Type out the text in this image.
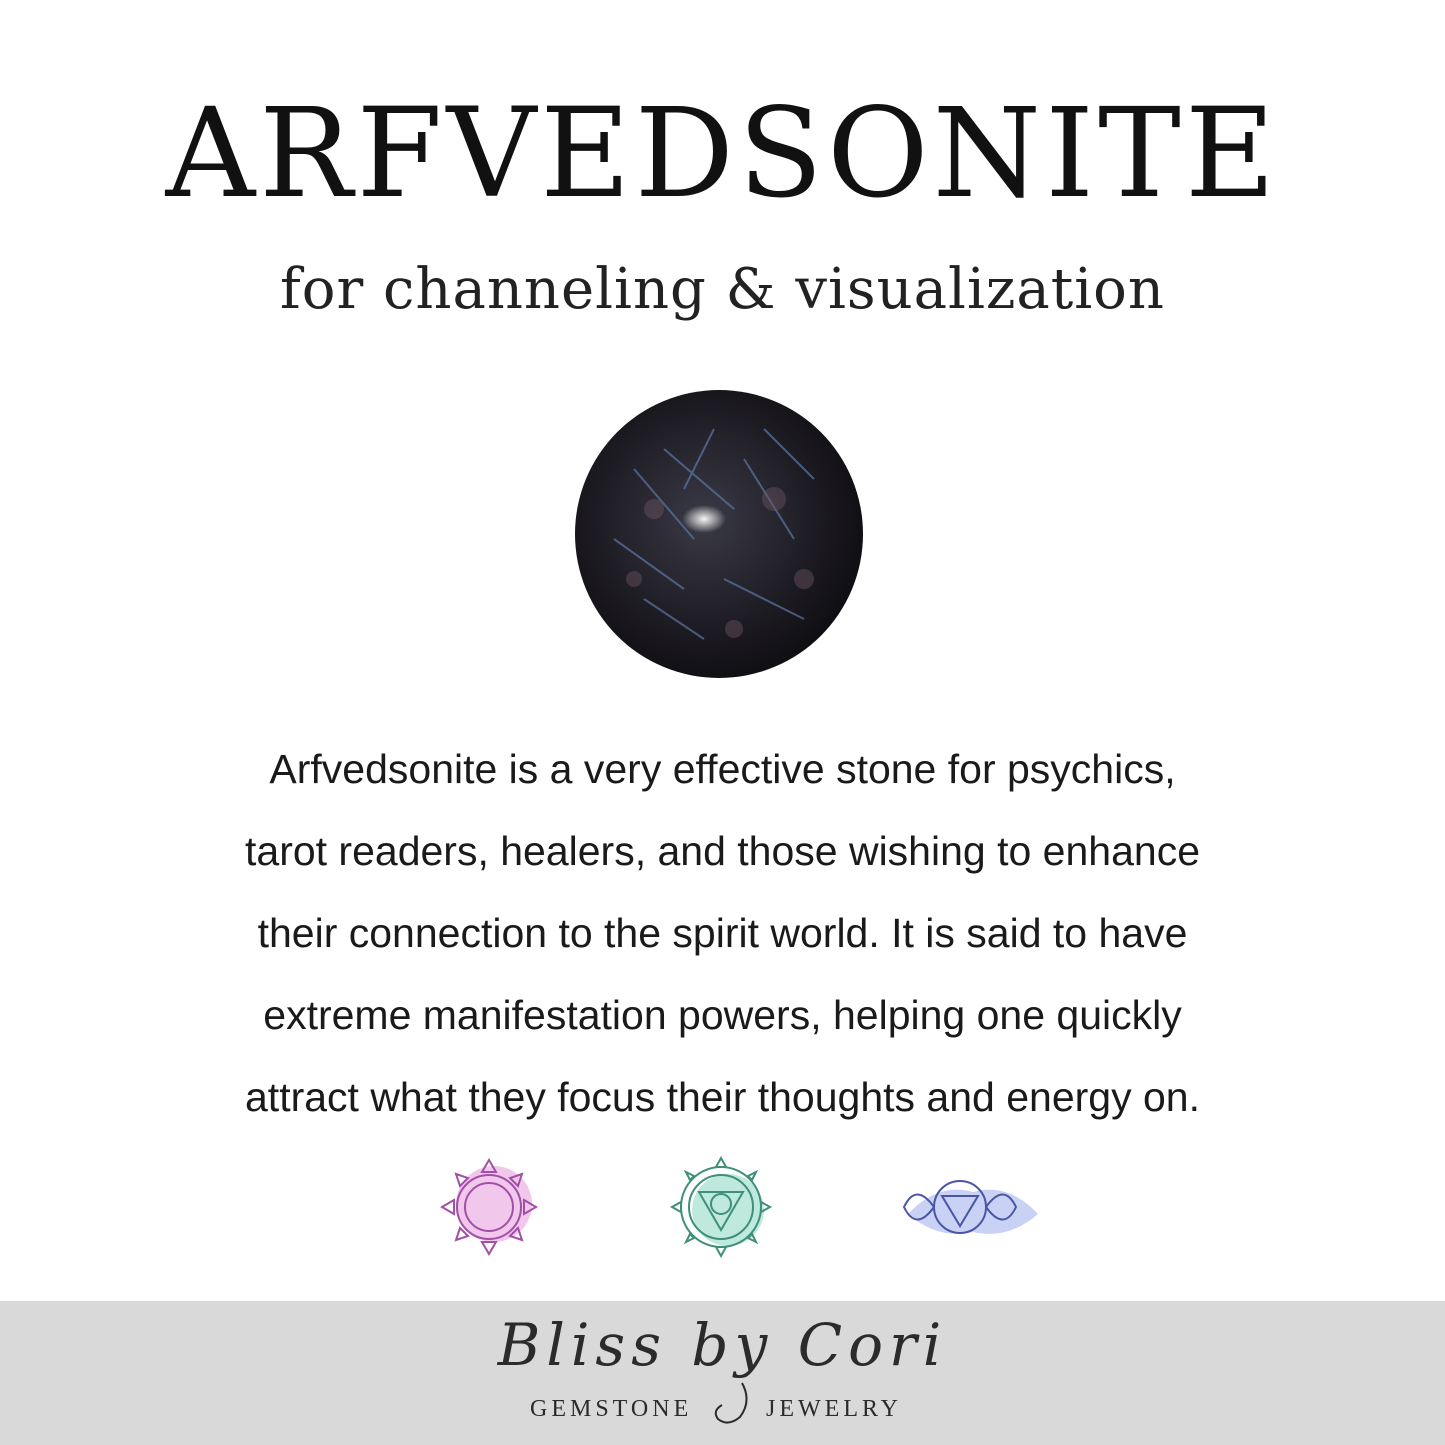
ARFVEDSONITE
for channeling & visualization
Arfvedsonite is a very effective stone for psychics,
tarot readers, healers, and those wishing to enhance
their connection to the spirit world. It is said to have
extreme manifestation powers, helping one quickly
attract what they focus their thoughts and energy on.
Bliss by Cori
GEMSTONE	JEWELRY
